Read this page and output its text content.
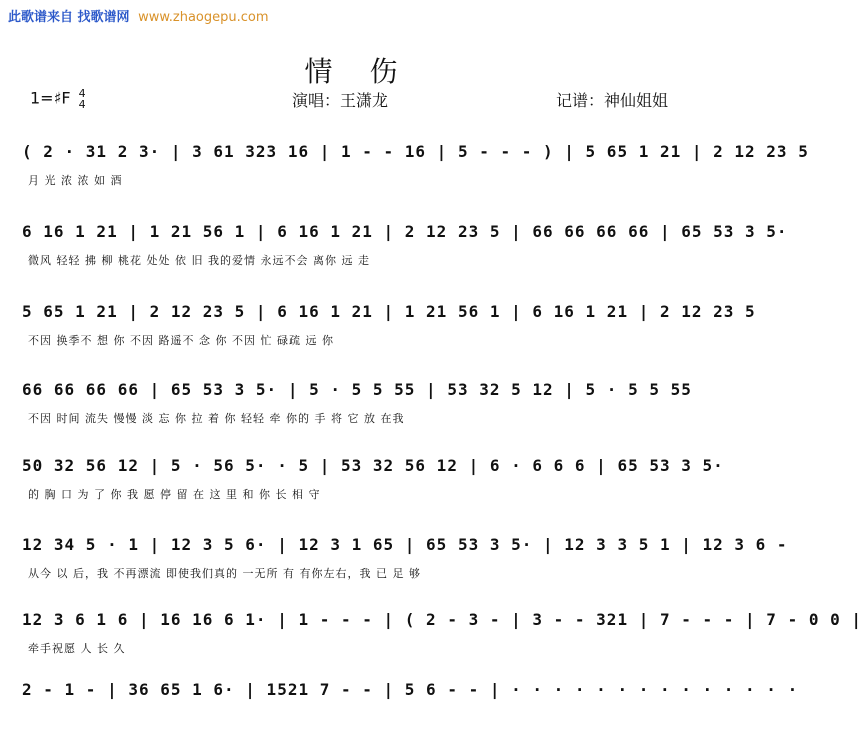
此歌谱来自 找歌谱网 www.zhaogepu.com
情 伤
1=♯F 4
4	演唱：王潇龙	记谱：神仙姐姐
( 2 · 31 2 3· | 3 61 323 16 | 1 - - 16 | 5 - - - ) | 5 65 1 21 | 2 12 23 5
月 光 浓 浓 如 酒
6 16 1 21 | 1 21 56 1 | 6 16 1 21 | 2 12 23 5 | 66 66 66 66 | 65 53 3 5·
微风 轻轻 拂 柳 桃花 处处 依 旧 我的爱情 永远不会 离你 远 走
5 65 1 21 | 2 12 23 5 | 6 16 1 21 | 1 21 56 1 | 6 16 1 21 | 2 12 23 5
不因 换季不 想 你 不因 路遥不 念 你 不因 忙 碌疏 远 你
66 66 66 66 | 65 53 3 5· | 5 · 5 5 55 | 53 32 5 12 | 5 · 5 5 55
不因 时间 流失 慢慢 淡 忘 你 拉 着 你 轻轻 牵 你的 手 将 它 放 在我
50 32 56 12 | 5 · 56 5· · 5 | 53 32 56 12 | 6 · 6 6 6 | 65 53 3 5·
的 胸 口 为 了 你 我 愿 停 留 在 这 里 和 你 长 相 守
12 34 5 · 1 | 12 3 5 6· | 12 3 1 65 | 65 53 3 5· | 12 3 3 5 1 | 12 3 6 -
从今 以 后，我 不再漂流 即使我们真的 一无所 有 有你左右，我 已 足 够
12 3 6 1 6 | 16 16 6 1· | 1 - - - | ( 2 - 3 - | 3 - - 321 | 7 - - - | 7 - 0 0 |
牵手祝愿 人 长 久
2 - 1 - | 36 65 1 6· | 1521 7 - - | 5 6 - - | · · · · · · · · · · · · · ·
